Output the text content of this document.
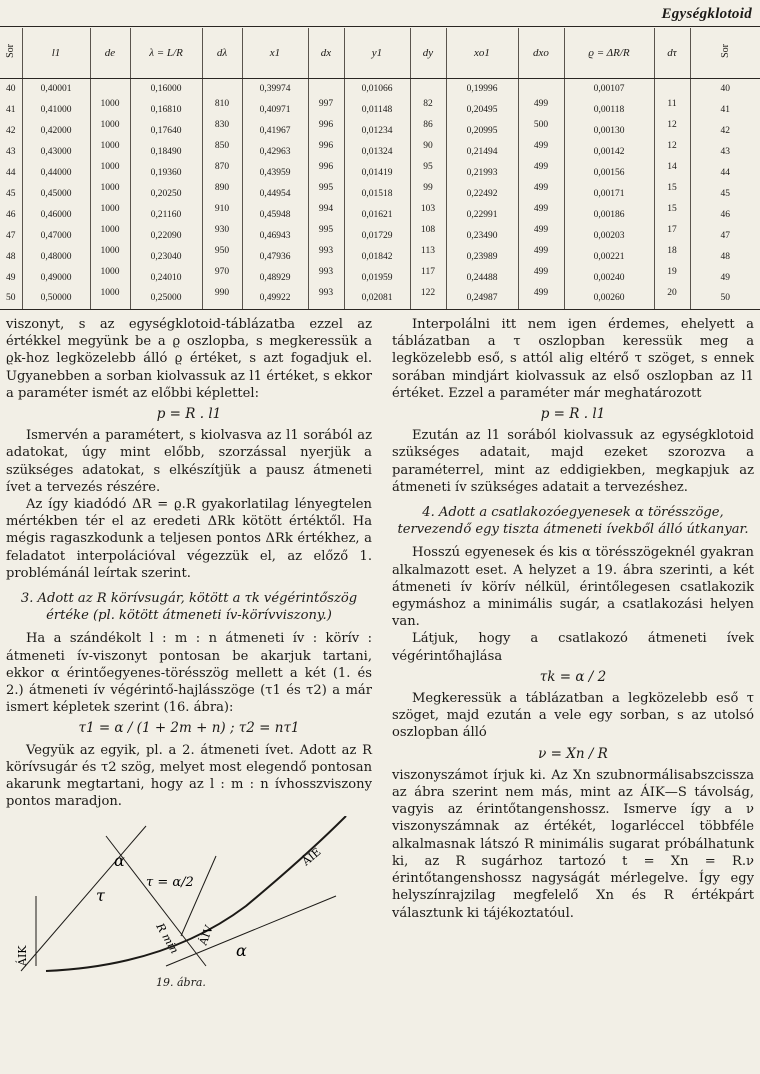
Egységklotoid
Sor	l1	de	λ = L/R	dλ	x1	dx	y1	dy	xo1	dxo	ϱ = ΔR/R	dτ	Sor
40	0,40001	1000	0,16000	810	0,39974	997	0,01066	82	0,19996	499	0,00107	11	40
41	0,41000	1000	0,16810	830	0,40971	996	0,01148	86	0,20495	500	0,00118	12	41
42	0,42000	1000	0,17640	850	0,41967	996	0,01234	90	0,20995	499	0,00130	12	42
43	0,43000	1000	0,18490	870	0,42963	996	0,01324	95	0,21494	499	0,00142	14	43
44	0,44000	1000	0,19360	890	0,43959	995	0,01419	99	0,21993	499	0,00156	15	44
45	0,45000	1000	0,20250	910	0,44954	994	0,01518	103	0,22492	499	0,00171	15	45
46	0,46000	1000	0,21160	930	0,45948	995	0,01621	108	0,22991	499	0,00186	17	46
47	0,47000	1000	0,22090	950	0,46943	993	0,01729	113	0,23490	499	0,00203	18	47
48	0,48000	1000	0,23040	970	0,47936	993	0,01842	117	0,23989	499	0,00221	19	48
49	0,49000	1000	0,24010	990	0,48929	993	0,01959	122	0,24488	499	0,00240	20	49
50	0,50000		0,25000		0,49922		0,02081		0,24987		0,00260		50

viszonyt, s az egységklotoid-táblázatba ezzel az értékkel megyünk be a ϱ oszlopba, s megkeressük a ϱk-hoz legközelebb álló ϱ értéket, s azt fogadjuk el. Ugyanebben a sorban kiolvassuk az l1 értéket, s ekkor a paraméter ismét az előbbi képlettel:

p = R . l1

Ismervén a paramétert, s kiolvasva az l1 sorából az adatokat, úgy mint előbb, szorzással nyerjük a szükséges adatokat, s elkészítjük a pausz átmeneti ívet a tervezés részére.

Az így kiadódó ΔR = ϱ.R gyakorlatilag lényegtelen mértékben tér el az eredeti ΔRk kötött értéktől. Ha mégis ragaszkodunk a teljesen pontos ΔRk értékhez, a feladatot interpolációval végezzük el, az előző 1. problémánál leírtak szerint.

3. Adott az R körívsugár, kötött a τk végérintőszög értéke (pl. kötött átmeneti ív-körívviszony.)

Ha a szándékolt l : m : n átmeneti ív : körív : átmeneti ív-viszonyt pontosan be akarjuk tartani, ekkor α érintőegyenes-törésszög mellett a két (1. és 2.) átmeneti ív végérintő-hajlásszöge (τ1 és τ2) a már ismert képletek szerint (16. ábra):

τ1 = α / (1 + 2m + n) ; τ2 = nτ1

Vegyük az egyik, pl. a 2. átmeneti ívet. Adott az R körívsugár és τ2 szög, melyet most elegendő pontosan akarunk megtartani, hogy az l : m : n ívhosszviszony pontos maradjon.

α
τ = α/2
τ
R min ÁIV
ÁIE
ÁIK	α
19. ábra.

Interpolálni itt nem igen érdemes, ehelyett a táblázatban a τ oszlopban keressük meg a legközelebb eső, s attól alig eltérő τ szöget, s ennek sorában mindjárt kiolvassuk az első oszlopban az l1 értéket. Ezzel a paraméter már meghatározott

p = R . l1

Ezután az l1 sorából kiolvassuk az egységklotoid szükséges adatait, majd ezeket szorozva a paraméterrel, mint az eddigiekben, megkapjuk az átmeneti ív szükséges adatait a tervezéshez.

4. Adott a csatlakozóegyenesek α törésszöge, tervezendő egy tiszta átmeneti ívekből álló útkanyar.

Hosszú egyenesek és kis α törésszögeknél gyakran alkalmazott eset. A helyzet a 19. ábra szerinti, a két átmeneti ív körív nélkül, érintőlegesen csatlakozik egymáshoz a minimális sugár, a csatlakozási helyen van.

Látjuk, hogy a csatlakozó átmeneti ívek végérintőhajlása

τk = α / 2

Megkeressük a táblázatban a legközelebb eső τ szöget, majd ezután a vele egy sorban, s az utolsó oszlopban álló

ν = Xn / R

viszonyszámot írjuk ki. Az Xn szubnormálisabszcissza az ábra szerint nem más, mint az ÁIK—S távolság, vagyis az érintőtangenshossz. Ismerve így a ν viszonyszámnak az értékét, logarléccel többféle alkalmasnak látszó R minimális sugarat próbálhatunk ki, az R sugárhoz tartozó t = Xn = R.ν érintőtangenshossz nagyságát mérlegelve. Így egy helyszínrajzilag megfelelő Xn és R értékpárt választunk ki tájékoztatóul.
